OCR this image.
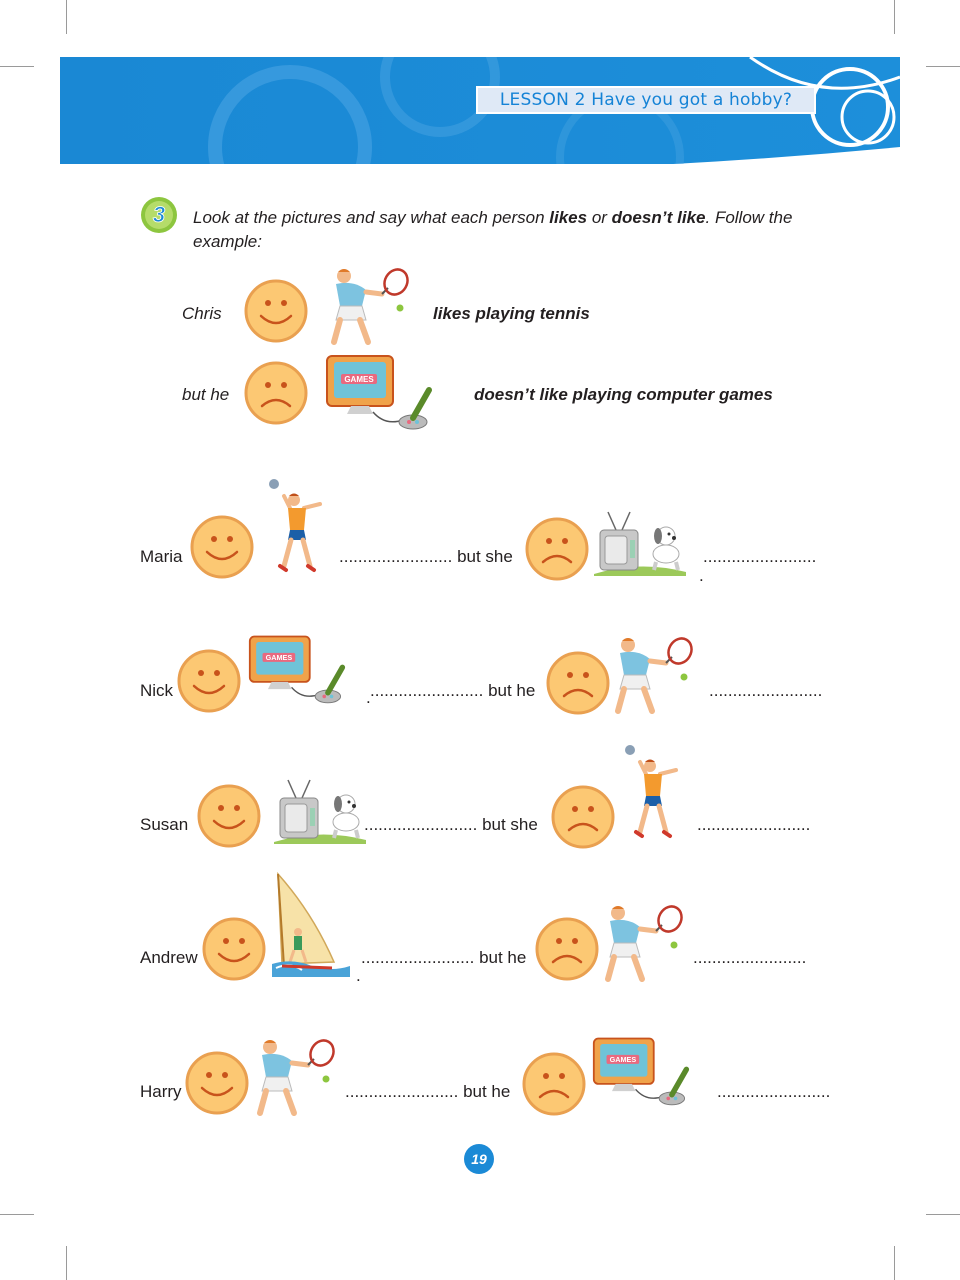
LESSON 2 Have you got a hobby?
3 Look at the pictures and say what each person likes or doesn’t like. Follow the example:
Chris	likes playing tennis
but he
GAMES
doesn’t like playing computer games
Maria	........................ but she	........................
.
Nick
GAMES
. ........................ but he	........................
Susan	........................ but she	........................
Andrew
.
........................ but he	........................
Harry	........................ but he
GAMES
........................
19
